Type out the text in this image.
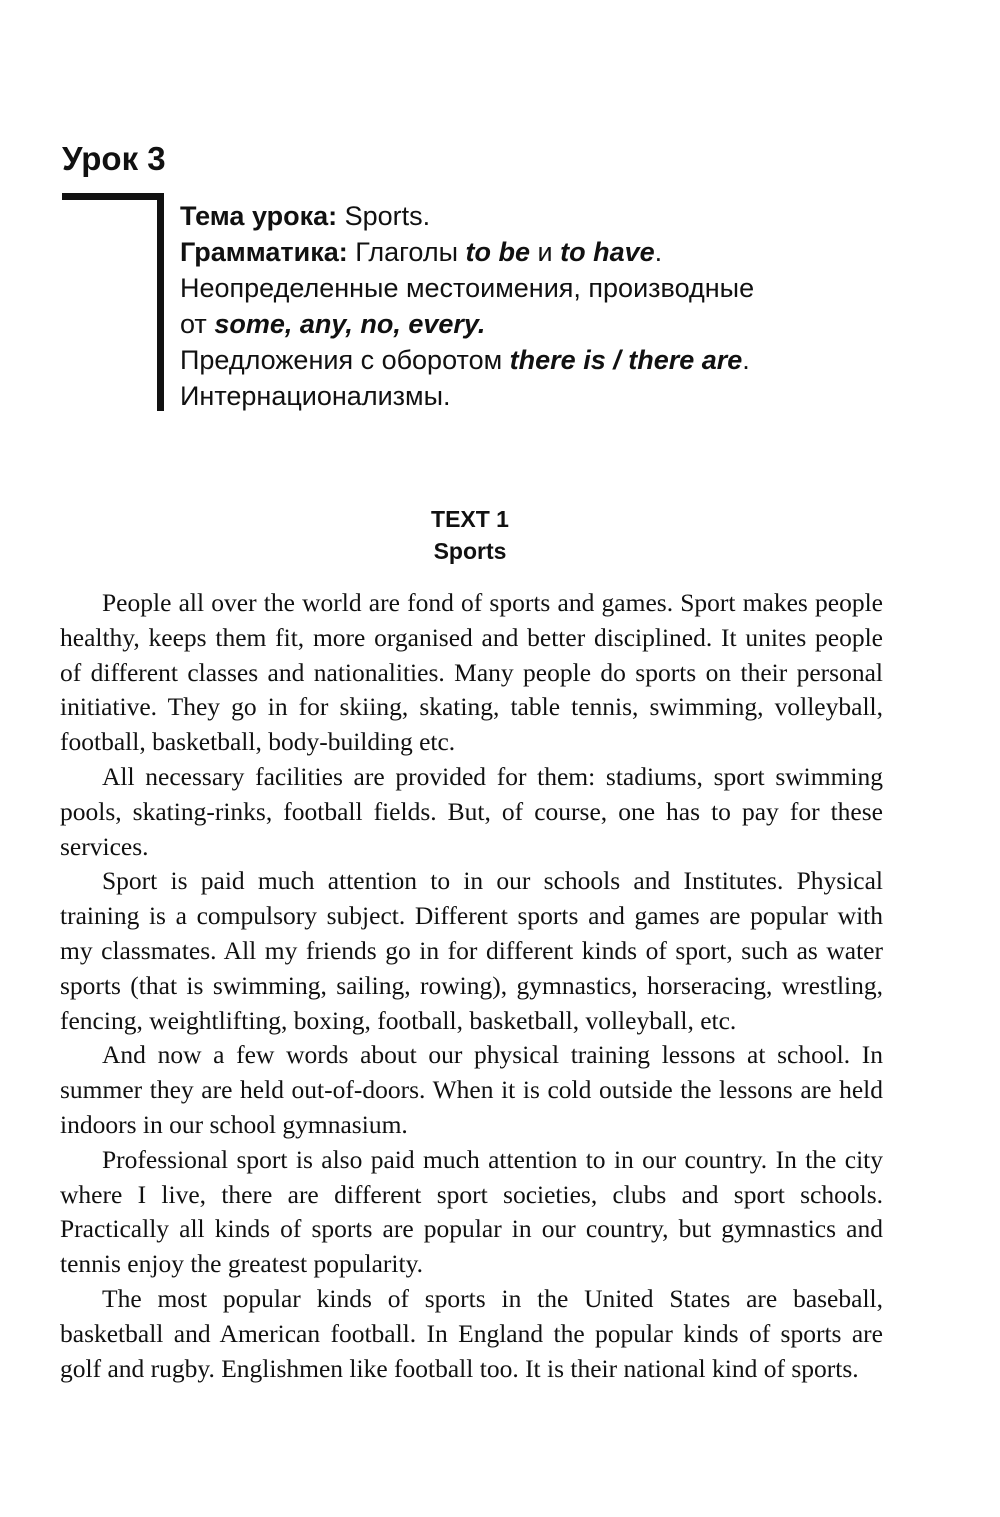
Урок 3
Тема урока: Sports.
Грамматика: Глаголы to be и to have.
Неопределенные местоимения, производные
от some, any, no, every.
Предложения с оборотом there is / there are.
Интернационализмы.
TEXT 1
Sports

People all over the world are fond of sports and games. Sport makes people healthy, keeps them fit, more organised and better disciplined. It unites people of different classes and nationalities. Many people do sports on their personal initiative. They go in for skiing, skating, table tennis, swimming, volleyball, football, basketball, body-building etc.

All necessary facilities are provided for them: stadiums, sport swimming pools, skating-rinks, football fields. But, of course, one has to pay for these services.

Sport is paid much attention to in our schools and Institutes. Physical training is a compulsory subject. Different sports and games are popular with my classmates. All my friends go in for different kinds of sport, such as water sports (that is swimming, sailing, rowing), gymnastics, horseracing, wrestling, fencing, weightlifting, boxing, football, basketball, volleyball, etc.

And now a few words about our physical training lessons at school. In summer they are held out-of-doors. When it is cold outside the lessons are held indoors in our school gymnasium.

Professional sport is also paid much attention to in our country. In the city where I live, there are different sport societies, clubs and sport schools. Practically all kinds of sports are popular in our country, but gymnastics and tennis enjoy the greatest popularity.

The most popular kinds of sports in the United States are baseball, basketball and American football. In England the popular kinds of sports are golf and rugby. Englishmen like football too. It is their national kind of sports.
